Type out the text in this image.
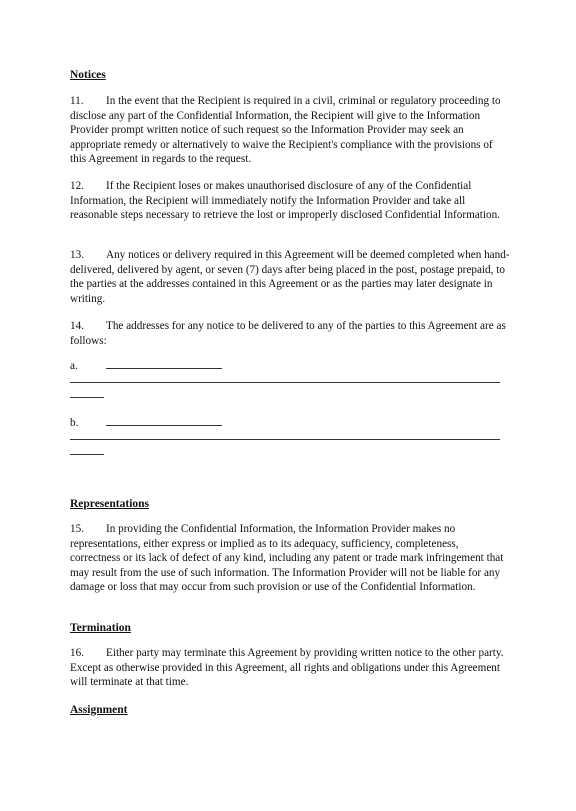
Notices

11. In the event that the Recipient is required in a civil, criminal or regulatory proceeding to disclose any part of the Confidential Information, the Recipient will give to the Information Provider prompt written notice of such request so the Information Provider may seek an appropriate remedy or alternatively to waive the Recipient's compliance with the provisions of this Agreement in regards to the request.

12. If the Recipient loses or makes unauthorised disclosure of any of the Confidential Information, the Recipient will immediately notify the Information Provider and take all reasonable steps necessary to retrieve the lost or improperly disclosed Confidential Information.

13. Any notices or delivery required in this Agreement will be deemed completed when hand-delivered, delivered by agent, or seven (7) days after being placed in the post, postage prepaid, to the parties at the addresses contained in this Agreement or as the parties may later designate in writing.

14. The addresses for any notice to be delivered to any of the parties to this Agreement are as follows:

a.
b.

Representations

15. In providing the Confidential Information, the Information Provider makes no representations, either express or implied as to its adequacy, sufficiency, completeness, correctness or its lack of defect of any kind, including any patent or trade mark infringement that may result from the use of such information. The Information Provider will not be liable for any damage or loss that may occur from such provision or use of the Confidential Information.

Termination

16. Either party may terminate this Agreement by providing written notice to the other party. Except as otherwise provided in this Agreement, all rights and obligations under this Agreement will terminate at that time.

Assignment
